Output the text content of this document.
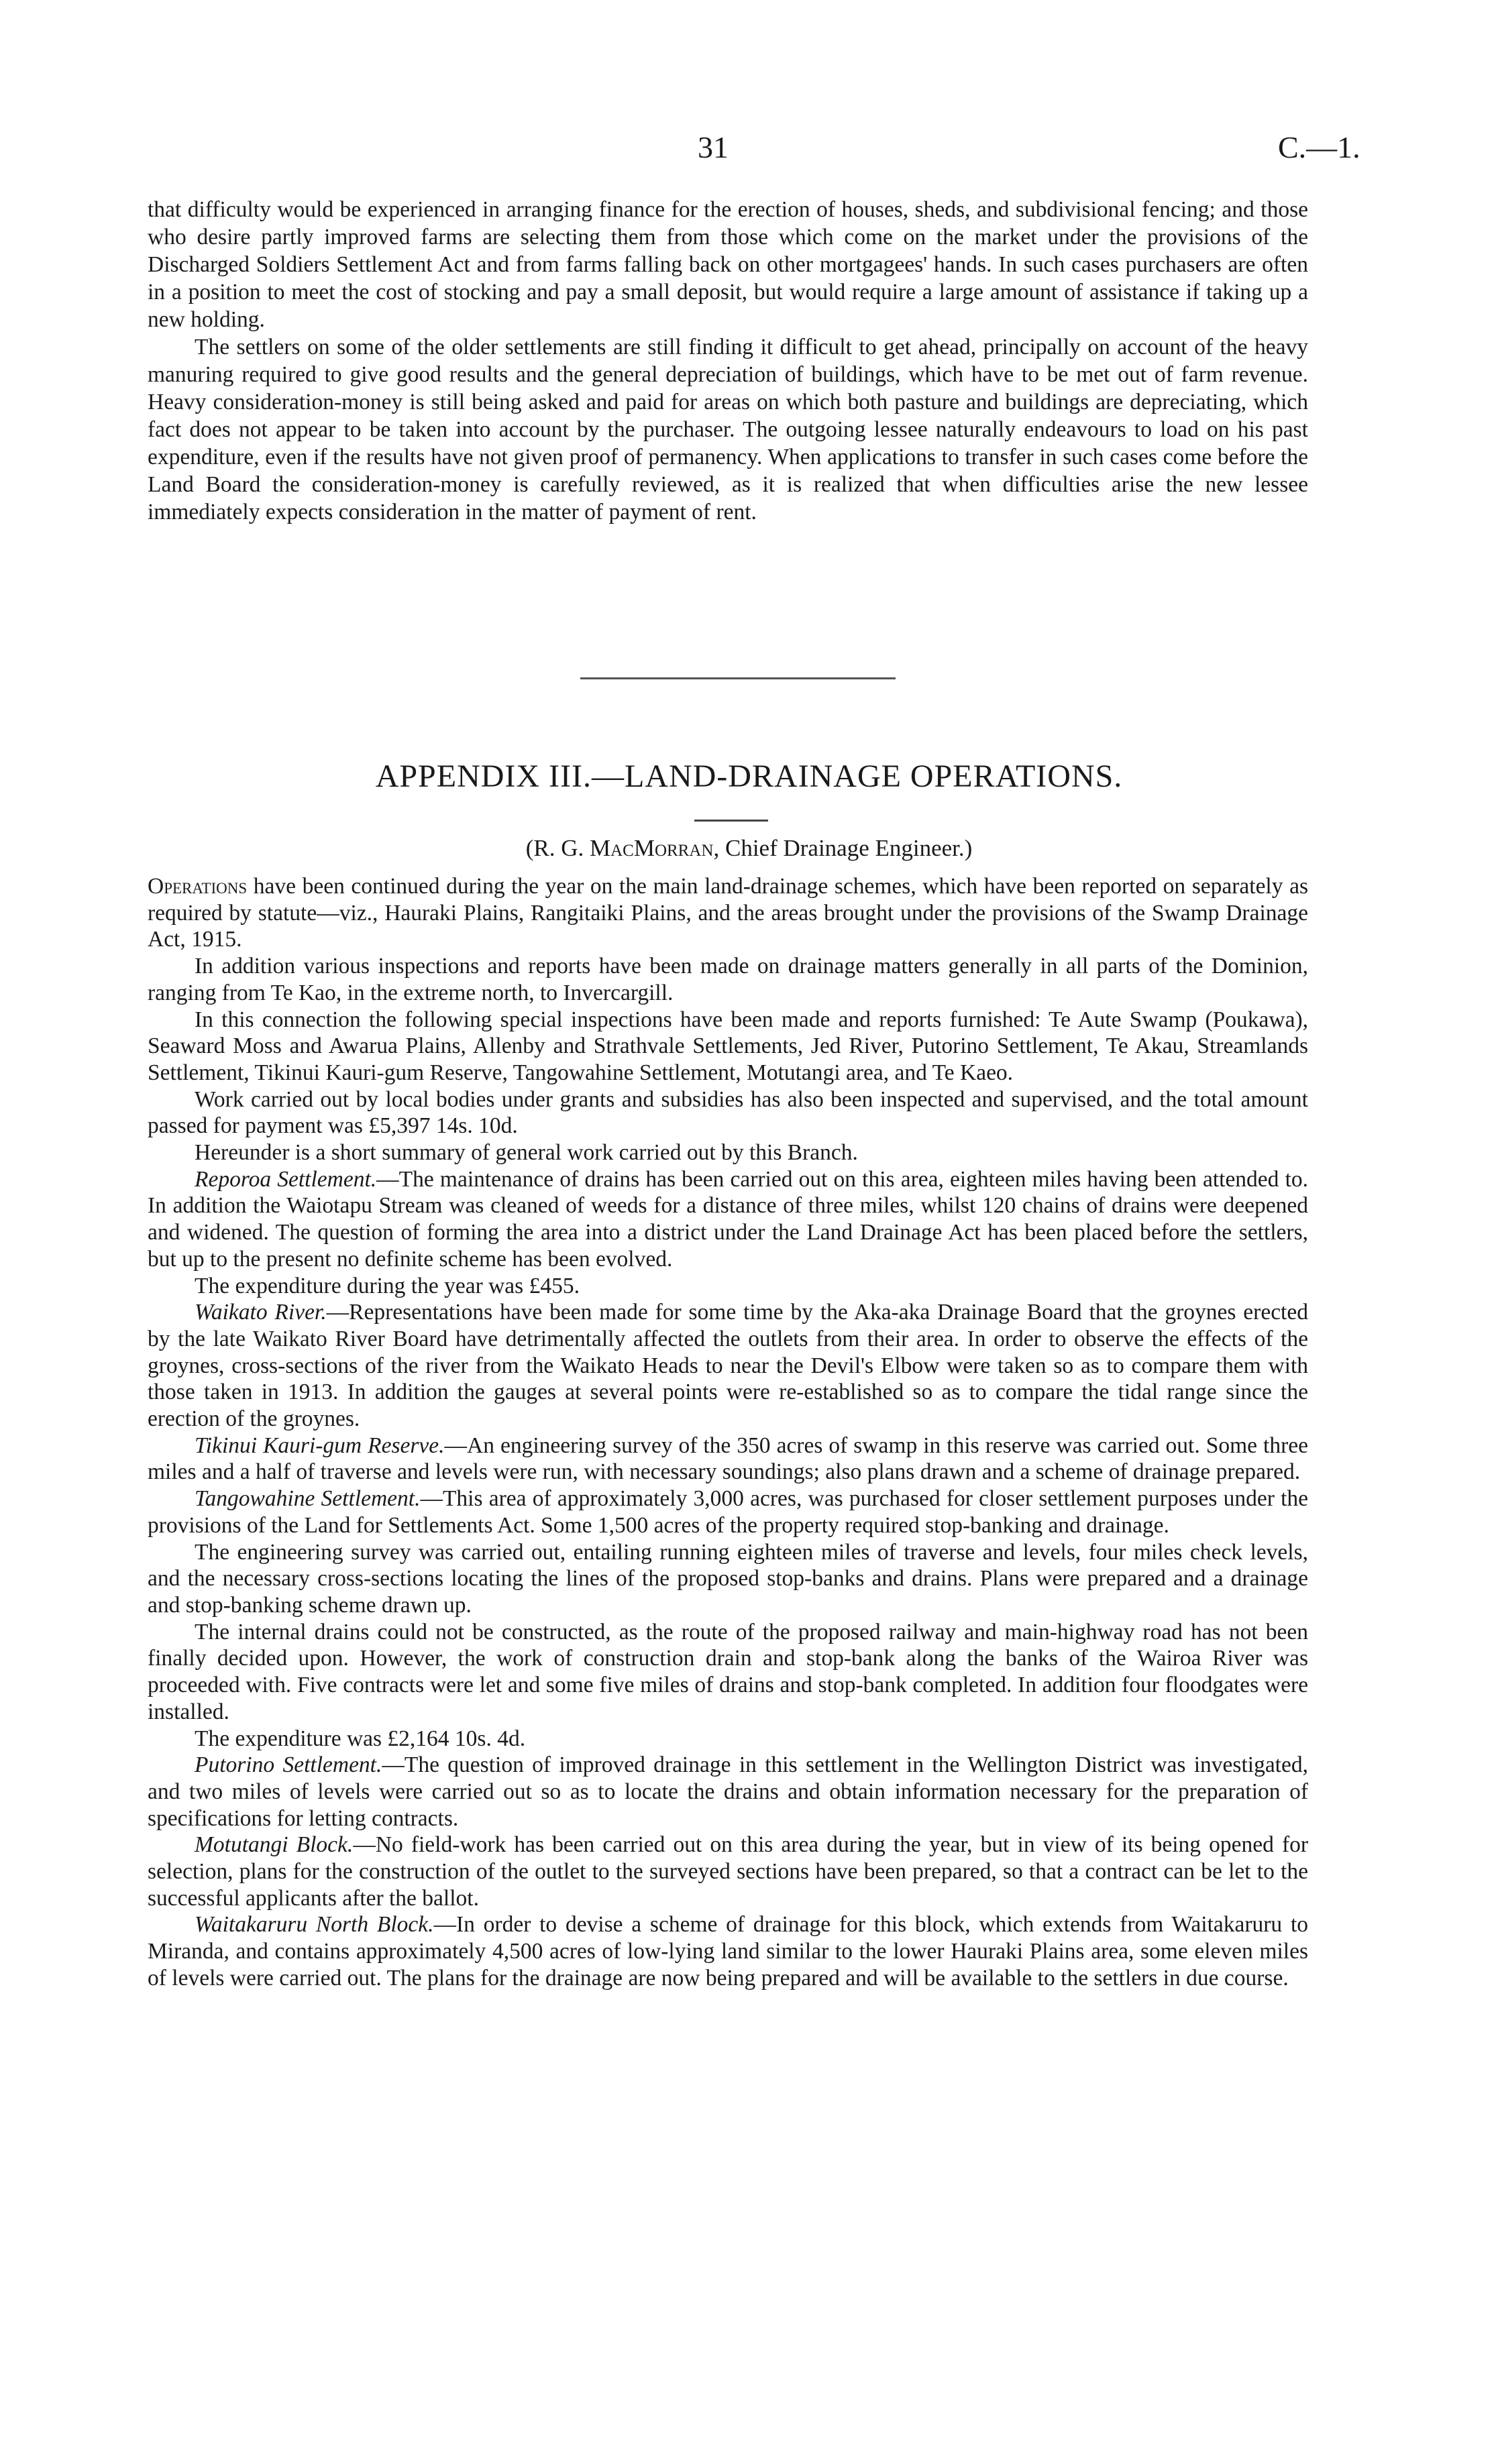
31	C.—1.

that difficulty would be experienced in arranging finance for the erection of houses, sheds, and subdivisional fencing; and those who desire partly improved farms are selecting them from those which come on the market under the provisions of the Discharged Soldiers Settlement Act and from farms falling back on other mortgagees' hands. In such cases purchasers are often in a position to meet the cost of stocking and pay a small deposit, but would require a large amount of assistance if taking up a new holding.

The settlers on some of the older settlements are still finding it difficult to get ahead, principally on account of the heavy manuring required to give good results and the general depreciation of buildings, which have to be met out of farm revenue. Heavy consideration-money is still being asked and paid for areas on which both pasture and buildings are depreciating, which fact does not appear to be taken into account by the purchaser. The outgoing lessee naturally endeavours to load on his past expenditure, even if the results have not given proof of permanency. When applications to transfer in such cases come before the Land Board the consideration-money is carefully reviewed, as it is realized that when difficulties arise the new lessee immediately expects consideration in the matter of payment of rent.

APPENDIX III.—LAND-DRAINAGE OPERATIONS.
(R. G. MacMorran, Chief Drainage Engineer.)

Operations have been continued during the year on the main land-drainage schemes, which have been reported on separately as required by statute—viz., Hauraki Plains, Rangitaiki Plains, and the areas brought under the provisions of the Swamp Drainage Act, 1915.

In addition various inspections and reports have been made on drainage matters generally in all parts of the Dominion, ranging from Te Kao, in the extreme north, to Invercargill.

In this connection the following special inspections have been made and reports furnished: Te Aute Swamp (Poukawa), Seaward Moss and Awarua Plains, Allenby and Strathvale Settlements, Jed River, Putorino Settlement, Te Akau, Streamlands Settlement, Tikinui Kauri-gum Reserve, Tangowahine Settlement, Motutangi area, and Te Kaeo.

Work carried out by local bodies under grants and subsidies has also been inspected and supervised, and the total amount passed for payment was £5,397 14s. 10d.

Hereunder is a short summary of general work carried out by this Branch.

Reporoa Settlement.—The maintenance of drains has been carried out on this area, eighteen miles having been attended to. In addition the Waiotapu Stream was cleaned of weeds for a distance of three miles, whilst 120 chains of drains were deepened and widened. The question of forming the area into a district under the Land Drainage Act has been placed before the settlers, but up to the present no definite scheme has been evolved.

The expenditure during the year was £455.

Waikato River.—Representations have been made for some time by the Aka-aka Drainage Board that the groynes erected by the late Waikato River Board have detrimentally affected the outlets from their area. In order to observe the effects of the groynes, cross-sections of the river from the Waikato Heads to near the Devil's Elbow were taken so as to compare them with those taken in 1913. In addition the gauges at several points were re-established so as to compare the tidal range since the erection of the groynes.

Tikinui Kauri-gum Reserve.—An engineering survey of the 350 acres of swamp in this reserve was carried out. Some three miles and a half of traverse and levels were run, with necessary soundings; also plans drawn and a scheme of drainage prepared.

Tangowahine Settlement.—This area of approximately 3,000 acres, was purchased for closer settlement purposes under the provisions of the Land for Settlements Act. Some 1,500 acres of the property required stop-banking and drainage.

The engineering survey was carried out, entailing running eighteen miles of traverse and levels, four miles check levels, and the necessary cross-sections locating the lines of the proposed stop-banks and drains. Plans were prepared and a drainage and stop-banking scheme drawn up.

The internal drains could not be constructed, as the route of the proposed railway and main-highway road has not been finally decided upon. However, the work of construction drain and stop-bank along the banks of the Wairoa River was proceeded with. Five contracts were let and some five miles of drains and stop-bank completed. In addition four floodgates were installed.

The expenditure was £2,164 10s. 4d.

Putorino Settlement.—The question of improved drainage in this settlement in the Wellington District was investigated, and two miles of levels were carried out so as to locate the drains and obtain information necessary for the preparation of specifications for letting contracts.

Motutangi Block.—No field-work has been carried out on this area during the year, but in view of its being opened for selection, plans for the construction of the outlet to the surveyed sections have been prepared, so that a contract can be let to the successful applicants after the ballot.

Waitakaruru North Block.—In order to devise a scheme of drainage for this block, which extends from Waitakaruru to Miranda, and contains approximately 4,500 acres of low-lying land similar to the lower Hauraki Plains area, some eleven miles of levels were carried out. The plans for the drainage are now being prepared and will be available to the settlers in due course.
